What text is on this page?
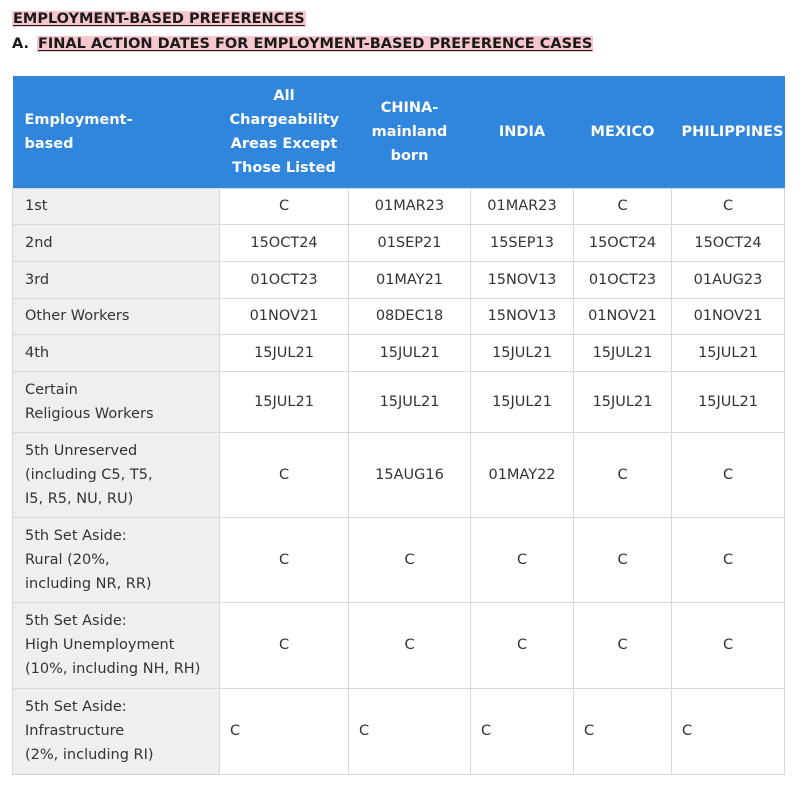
EMPLOYMENT-BASED PREFERENCES
A. FINAL ACTION DATES FOR EMPLOYMENT-BASED PREFERENCE CASES
Employment-
based	All
Chargeability
Areas Except
Those Listed	CHINA-
mainland
born	INDIA	MEXICO	PHILIPPINES
1st	C	01MAR23	01MAR23	C	C
2nd	15OCT24	01SEP21	15SEP13	15OCT24	15OCT24
3rd	01OCT23	01MAY21	15NOV13	01OCT23	01AUG23
Other Workers	01NOV21	08DEC18	15NOV13	01NOV21	01NOV21
4th	15JUL21	15JUL21	15JUL21	15JUL21	15JUL21
Certain
Religious Workers	15JUL21	15JUL21	15JUL21	15JUL21	15JUL21
5th Unreserved
(including C5, T5,
I5, R5, NU, RU)	C	15AUG16	01MAY22	C	C
5th Set Aside:
Rural (20%,
including NR, RR)	C	C	C	C	C
5th Set Aside:
High Unemployment
(10%, including NH, RH)	C	C	C	C	C
5th Set Aside:
Infrastructure
(2%, including RI)	C	C	C	C	C
